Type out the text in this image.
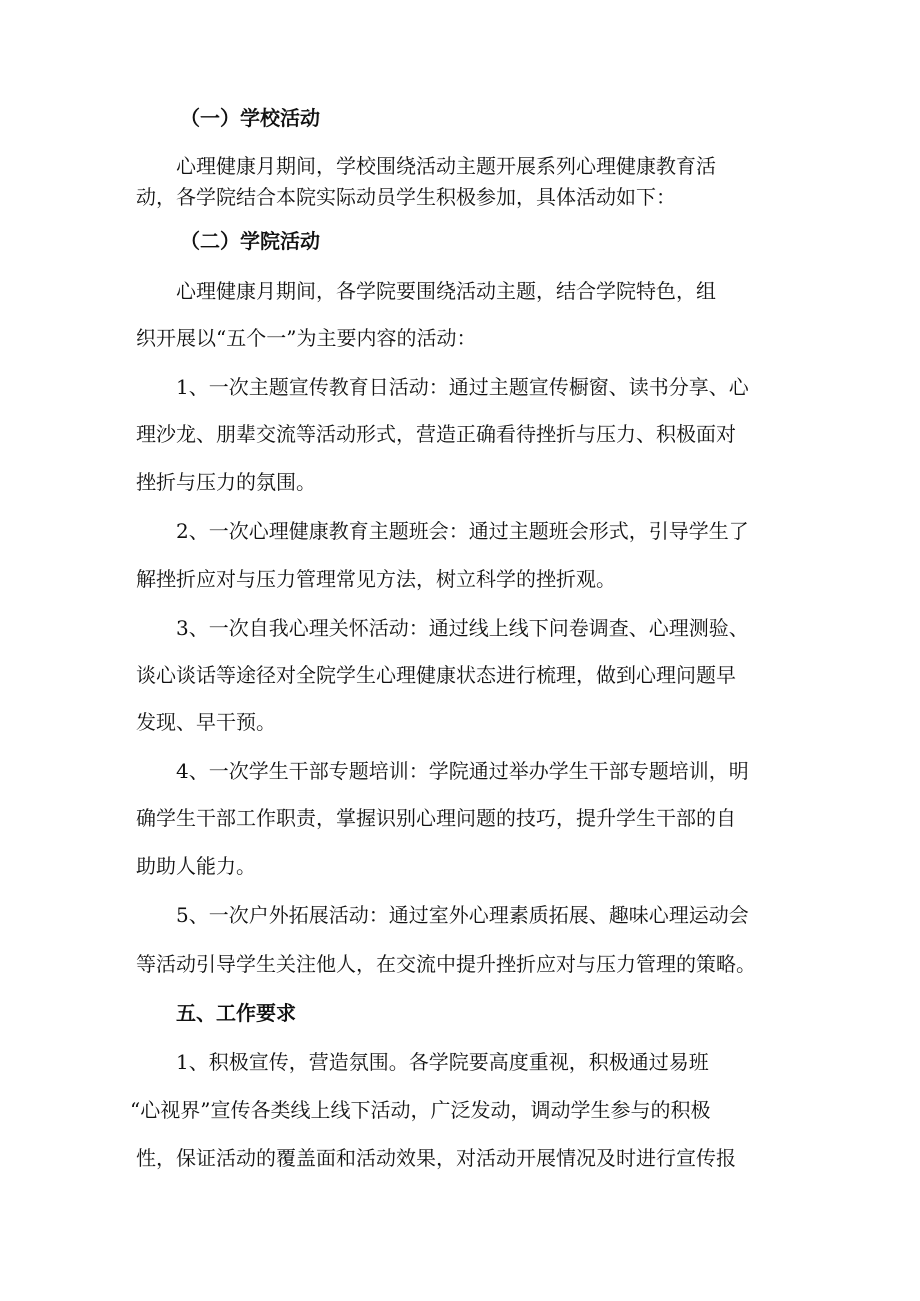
（一）学校活动
心理健康月期间，学校围绕活动主题开展系列心理健康教育活
动，各学院结合本院实际动员学生积极参加，具体活动如下：
（二）学院活动
心理健康月期间，各学院要围绕活动主题，结合学院特色，组
织开展以“五个一”为主要内容的活动：
1、一次主题宣传教育日活动：通过主题宣传橱窗、读书分享、心
理沙龙、朋辈交流等活动形式，营造正确看待挫折与压力、积极面对
挫折与压力的氛围。
2、一次心理健康教育主题班会：通过主题班会形式，引导学生了
解挫折应对与压力管理常见方法，树立科学的挫折观。
3、一次自我心理关怀活动：通过线上线下问卷调查、心理测验、
谈心谈话等途径对全院学生心理健康状态进行梳理，做到心理问题早
发现、早干预。
4、一次学生干部专题培训：学院通过举办学生干部专题培训，明
确学生干部工作职责，掌握识别心理问题的技巧，提升学生干部的自
助助人能力。
5、一次户外拓展活动：通过室外心理素质拓展、趣味心理运动会
等活动引导学生关注他人，在交流中提升挫折应对与压力管理的策略。
五、工作要求
1、积极宣传，营造氛围。各学院要高度重视，积极通过易班
“心视界”宣传各类线上线下活动，广泛发动，调动学生参与的积极
性，保证活动的覆盖面和活动效果，对活动开展情况及时进行宣传报
